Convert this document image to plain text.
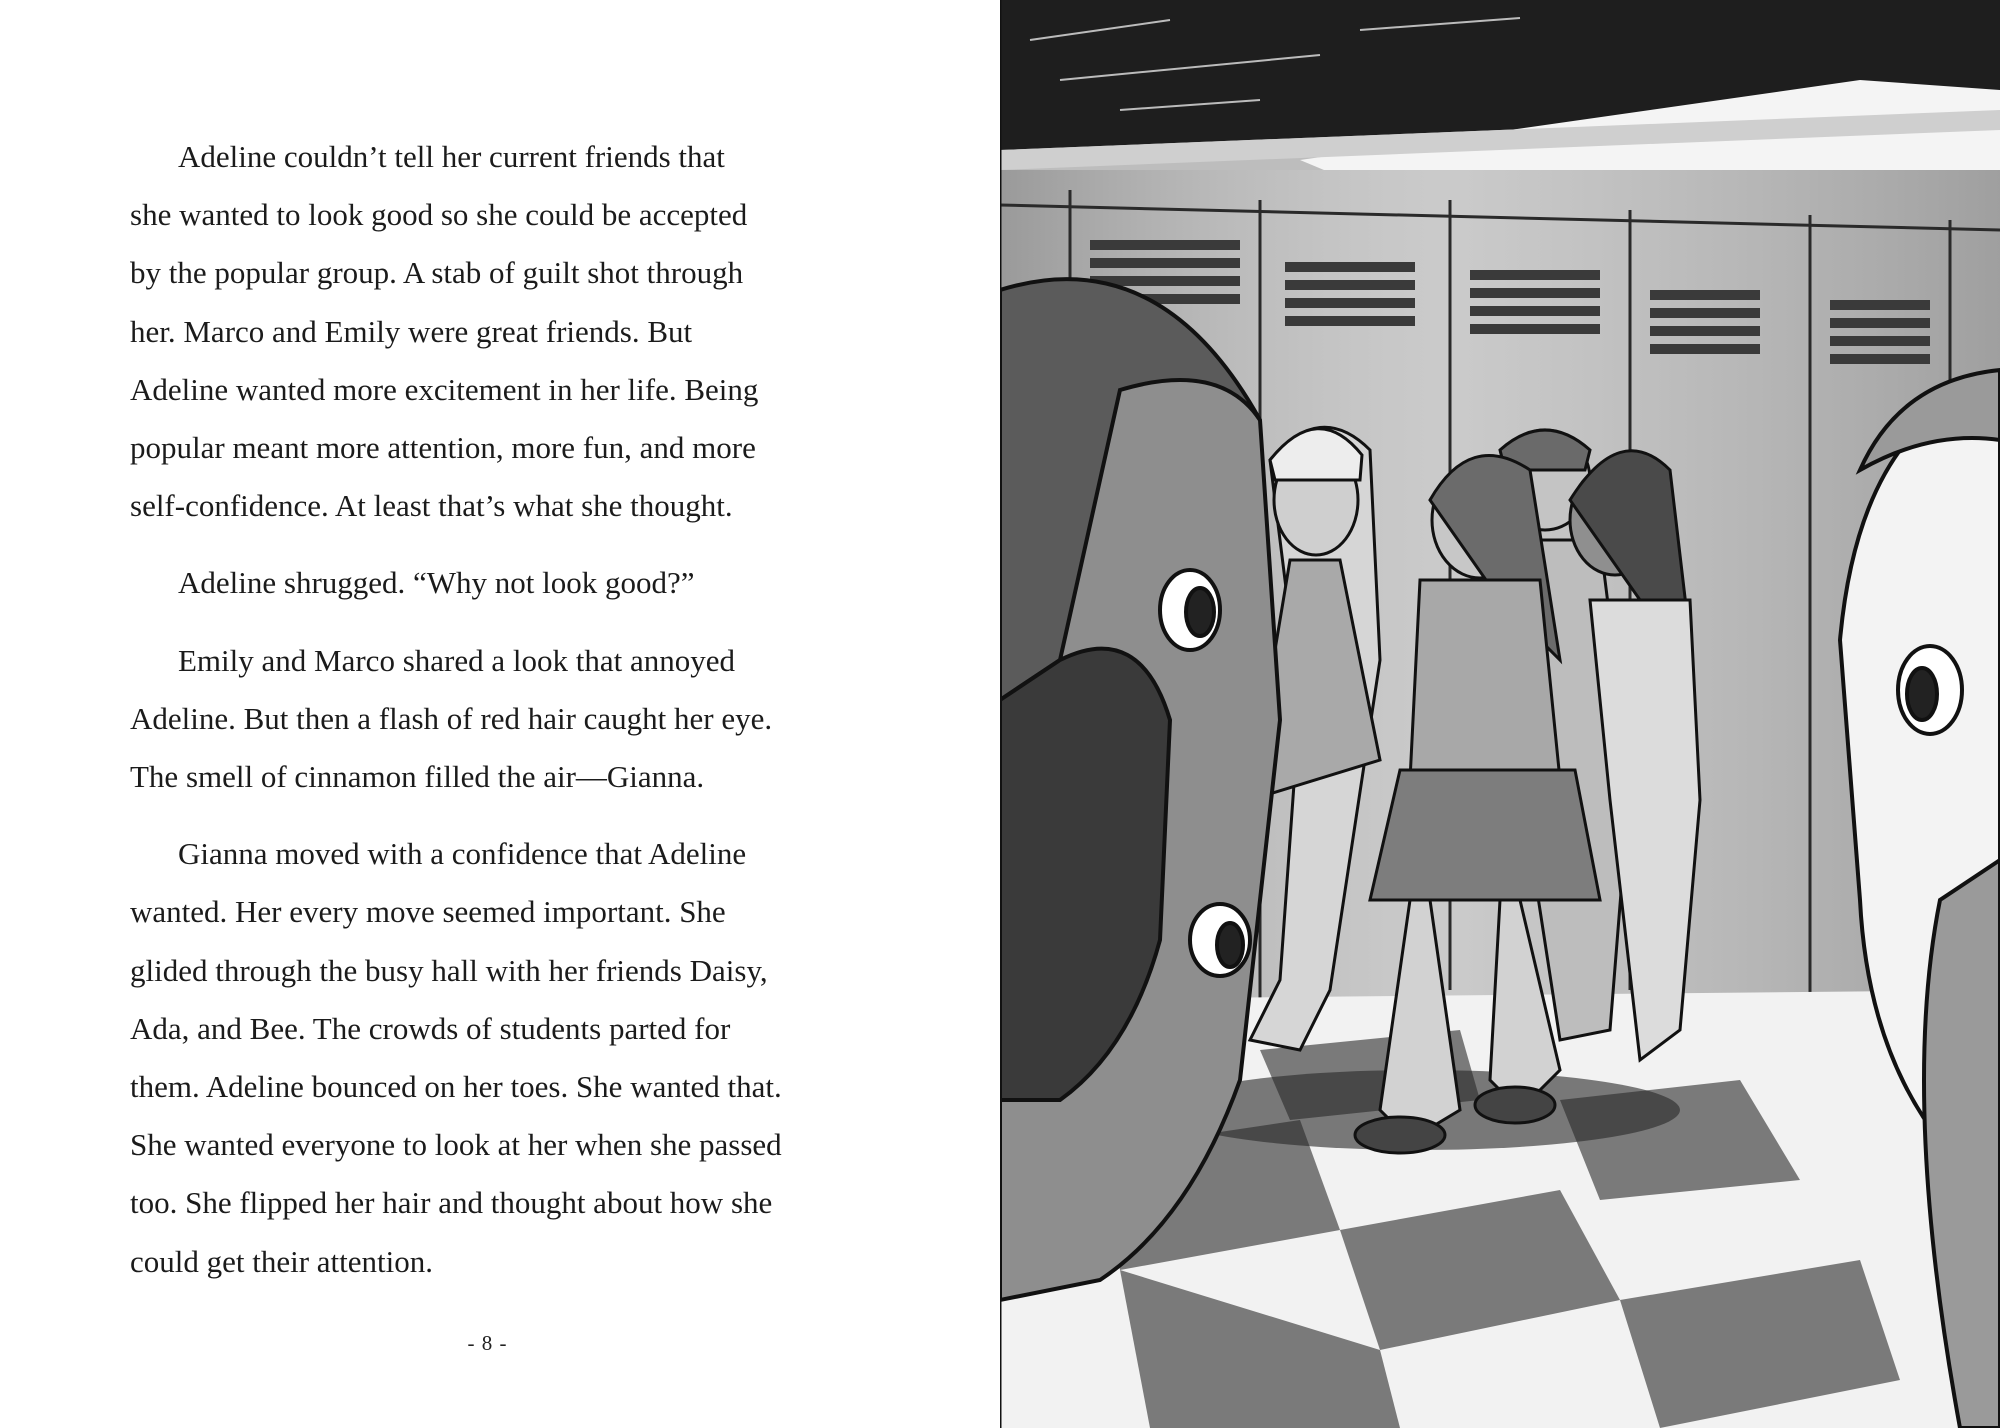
Adeline couldn’t tell her current friends that
she wanted to look good so she could be accepted
by the popular group. A stab of guilt shot through
her. Marco and Emily were great friends. But
Adeline wanted more excitement in her life. Being
popular meant more attention, more fun, and more
self-confidence. At least that’s what she thought.
Adeline shrugged. “Why not look good?”
Emily and Marco shared a look that annoyed
Adeline. But then a flash of red hair caught her eye.
The smell of cinnamon filled the air—Gianna.
Gianna moved with a confidence that Adeline
wanted. Her every move seemed important. She
glided through the busy hall with her friends Daisy,
Ada, and Bee. The crowds of students parted for
them. Adeline bounced on her toes. She wanted that.
She wanted everyone to look at her when she passed
too. She flipped her hair and thought about how she
could get their attention.
- 8 -
